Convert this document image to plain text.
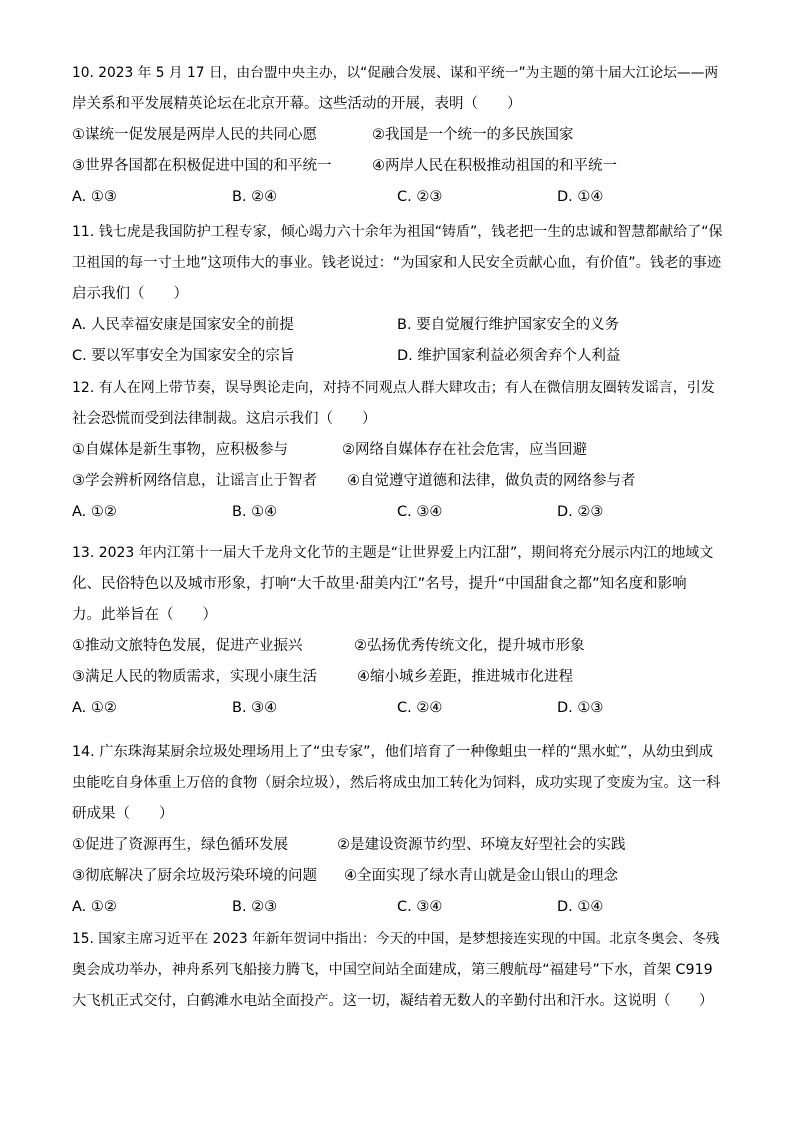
10. 2023 年 5 月 17 日，由台盟中央主办，以“促融合发展、谋和平统一”为主题的第十届大江论坛——两
岸关系和平发展精英论坛在北京开幕。这些活动的开展，表明（　　）
①谋统一促发展是两岸人民的共同心愿	②我国是一个统一的多民族国家
③世界各国都在积极促进中国的和平统一	④两岸人民在积极推动祖国的和平统一
A. ①③	B. ②④	C. ②③	D. ①④
11. 钱七虎是我国防护工程专家，倾心竭力六十余年为祖国“铸盾”，钱老把一生的忠诚和智慧都献给了“保
卫祖国的每一寸土地”这项伟大的事业。钱老说过：“为国家和人民安全贡献心血，有价值”。钱老的事迹
启示我们（　　）
A. 人民幸福安康是国家安全的前提	B. 要自觉履行维护国家安全的义务
C. 要以军事安全为国家安全的宗旨	D. 维护国家利益必须舍弃个人利益
12. 有人在网上带节奏，误导舆论走向，对持不同观点人群大肆攻击；有人在微信朋友圈转发谣言，引发
社会恐慌而受到法律制裁。这启示我们（　　）
①自媒体是新生事物，应积极参与	②网络自媒体存在社会危害，应当回避
③学会辨析网络信息，让谣言止于智者 ④自觉遵守道德和法律，做负责的网络参与者
A. ①②	B. ①④	C. ③④	D. ②③
13. 2023 年内江第十一届大千龙舟文化节的主题是“让世界爱上内江甜”，期间将充分展示内江的地域文
化、民俗特色以及城市形象，打响“大千故里·甜美内江”名号，提升“中国甜食之都”知名度和影响
力。此举旨在（　　）
①推动文旅特色发展，促进产业振兴	②弘扬优秀传统文化，提升城市形象
③满足人民的物质需求，实现小康生活	④缩小城乡差距，推进城市化进程
A. ①②	B. ③④	C. ②④	D. ①③
14. 广东珠海某厨余垃圾处理场用上了“虫专家”，他们培育了一种像蛆虫一样的“黑水虻”，从幼虫到成
虫能吃自身体重上万倍的食物（厨余垃圾），然后将成虫加工转化为饲料，成功实现了变废为宝。这一科
研成果（　　）
①促进了资源再生，绿色循环发展	②是建设资源节约型、环境友好型社会的实践
③彻底解决了厨余垃圾污染环境的问题 ④全面实现了绿水青山就是金山银山的理念
A. ①②	B. ②③	C. ③④	D. ①④
15. 国家主席习近平在 2023 年新年贺词中指出：今天的中国，是梦想接连实现的中国。北京冬奥会、冬残
奥会成功举办，神舟系列飞船接力腾飞，中国空间站全面建成，第三艘航母“福建号”下水，首架 C919
大飞机正式交付，白鹤滩水电站全面投产。这一切，凝结着无数人的辛勤付出和汗水。这说明（　　）
